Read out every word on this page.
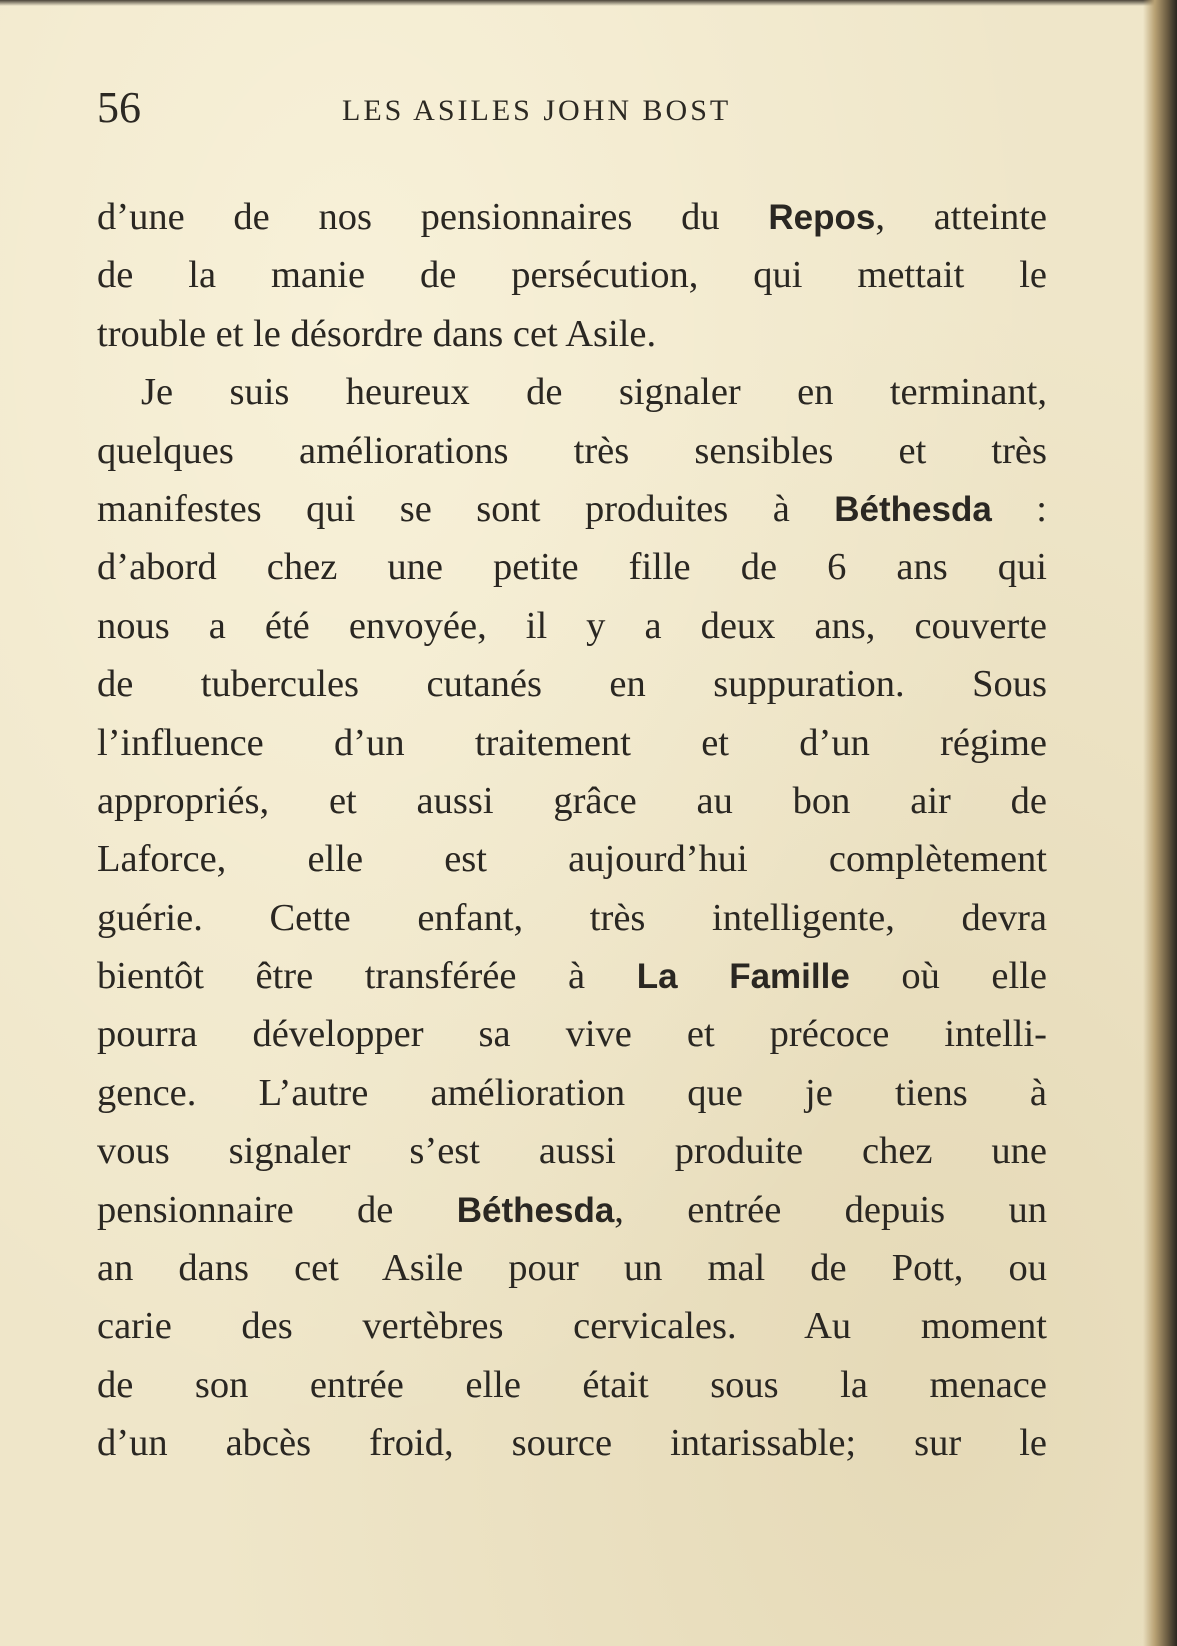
56	LES ASILES JOHN BOST
d’une de nos pensionnaires du Repos, atteinte
de la manie de persécution, qui mettait le
trouble et le désordre dans cet Asile.
Je suis heureux de signaler en terminant,
quelques améliorations très sensibles et très
manifestes qui se sont produites à Béthesda :
d’abord chez une petite fille de 6 ans qui
nous a été envoyée, il y a deux ans, couverte
de tubercules cutanés en suppuration. Sous
l’influence d’un traitement et d’un régime
appropriés, et aussi grâce au bon air de
Laforce, elle est aujourd’hui complètement
guérie. Cette enfant, très intelligente, devra
bientôt être transférée à La Famille où elle
pourra développer sa vive et précoce intelli-
gence. L’autre amélioration que je tiens à
vous signaler s’est aussi produite chez une
pensionnaire de Béthesda, entrée depuis un
an dans cet Asile pour un mal de Pott, ou
carie des vertèbres cervicales. Au moment
de son entrée elle était sous la menace
d’un abcès froid, source intarissable; sur le
